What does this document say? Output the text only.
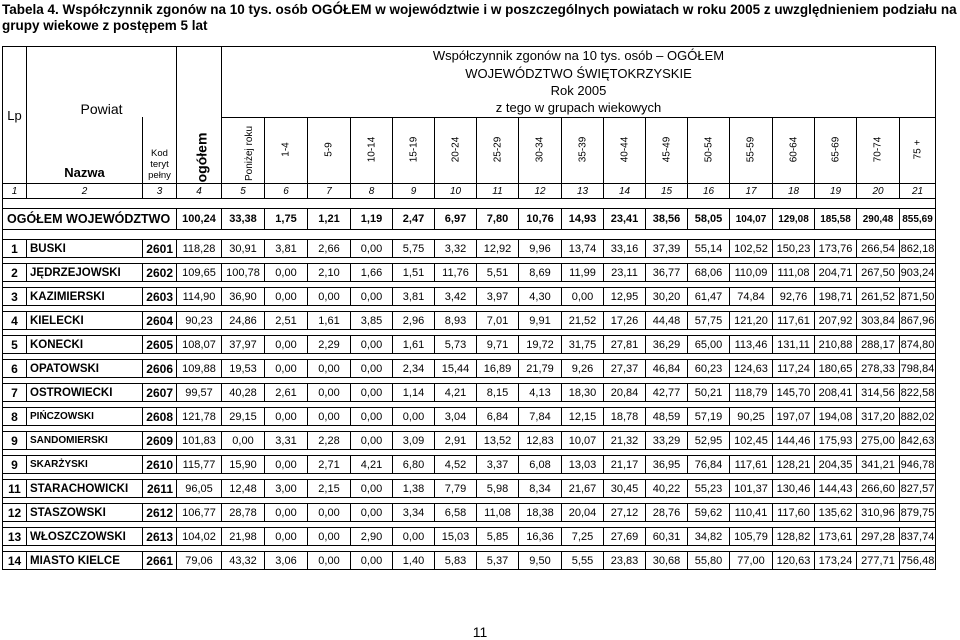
Tabela 4. Współczynnik zgonów na 10 tys. osób OGÓŁEM w województwie i w poszczególnych powiatach w roku 2005 z uwzględnieniem podziału na grupy wiekowe z postępem 5 lat
Lp	Powiat		ogółem	Współczynnik zgonów na 10 tys. osób – OGÓŁEM																
				WOJEWÓDZTWO ŚWIĘTOKRZYSKIE																
				Rok 2005																
				z tego w grupach wiekowych																
	Nazwa	Kod teryt pełny		Poniżej roku	1-4	5-9	10-14	15-19	20-24	25-29	30-34	35-39	40-44	45-49	50-54	55-59	60-64	65-69	70-74	75 +
1	2	3	4	5	6	7	8	9	10	11	12	13	14	15	16	17	18	19	20	21

OGÓŁEM WOJEWÓDZTWO			100,24	33,38	1,75	1,21	1,19	2,47	6,97	7,80	10,76	14,93	23,41	38,56	58,05	104,07	129,08	185,58	290,48	855,69

1	BUSKI	2601	118,28	30,91	3,81	2,66	0,00	5,75	3,32	12,92	9,96	13,74	33,16	37,39	55,14	102,52	150,23	173,76	266,54	862,18

2	JĘDRZEJOWSKI	2602	109,65	100,78	0,00	2,10	1,66	1,51	11,76	5,51	8,69	11,99	23,11	36,77	68,06	110,09	111,08	204,71	267,50	903,24

3	KAZIMIERSKI	2603	114,90	36,90	0,00	0,00	0,00	3,81	3,42	3,97	4,30	0,00	12,95	30,20	61,47	74,84	92,76	198,71	261,52	871,50

4	KIELECKI	2604	90,23	24,86	2,51	1,61	3,85	2,96	8,93	7,01	9,91	21,52	17,26	44,48	57,75	121,20	117,61	207,92	303,84	867,96

5	KONECKI	2605	108,07	37,97	0,00	2,29	0,00	1,61	5,73	9,71	19,72	31,75	27,81	36,29	65,00	113,46	131,11	210,88	288,17	874,80

6	OPATOWSKI	2606	109,88	19,53	0,00	0,00	0,00	2,34	15,44	16,89	21,79	9,26	27,37	46,84	60,23	124,63	117,24	180,65	278,33	798,84

7	OSTROWIECKI	2607	99,57	40,28	2,61	0,00	0,00	1,14	4,21	8,15	4,13	18,30	20,84	42,77	50,21	118,79	145,70	208,41	314,56	822,58

8	PIŃCZOWSKI	2608	121,78	29,15	0,00	0,00	0,00	0,00	3,04	6,84	7,84	12,15	18,78	48,59	57,19	90,25	197,07	194,08	317,20	882,02

9	SANDOMIERSKI	2609	101,83	0,00	3,31	2,28	0,00	3,09	2,91	13,52	12,83	10,07	21,32	33,29	52,95	102,45	144,46	175,93	275,00	842,63

9	SKARŻYSKI	2610	115,77	15,90	0,00	2,71	4,21	6,80	4,52	3,37	6,08	13,03	21,17	36,95	76,84	117,61	128,21	204,35	341,21	946,78

11	STARACHOWICKI	2611	96,05	12,48	3,00	2,15	0,00	1,38	7,79	5,98	8,34	21,67	30,45	40,22	55,23	101,37	130,46	144,43	266,60	827,57

12	STASZOWSKI	2612	106,77	28,78	0,00	0,00	0,00	3,34	6,58	11,08	18,38	20,04	27,12	28,76	59,62	110,41	117,60	135,62	310,96	879,75

13	WŁOSZCZOWSKI	2613	104,02	21,98	0,00	0,00	2,90	0,00	15,03	5,85	16,36	7,25	27,69	60,31	34,82	105,79	128,82	173,61	297,28	837,74

14	MIASTO KIELCE	2661	79,06	43,32	3,06	0,00	0,00	1,40	5,83	5,37	9,50	5,55	23,83	30,68	55,80	77,00	120,63	173,24	277,71	756,48
11
